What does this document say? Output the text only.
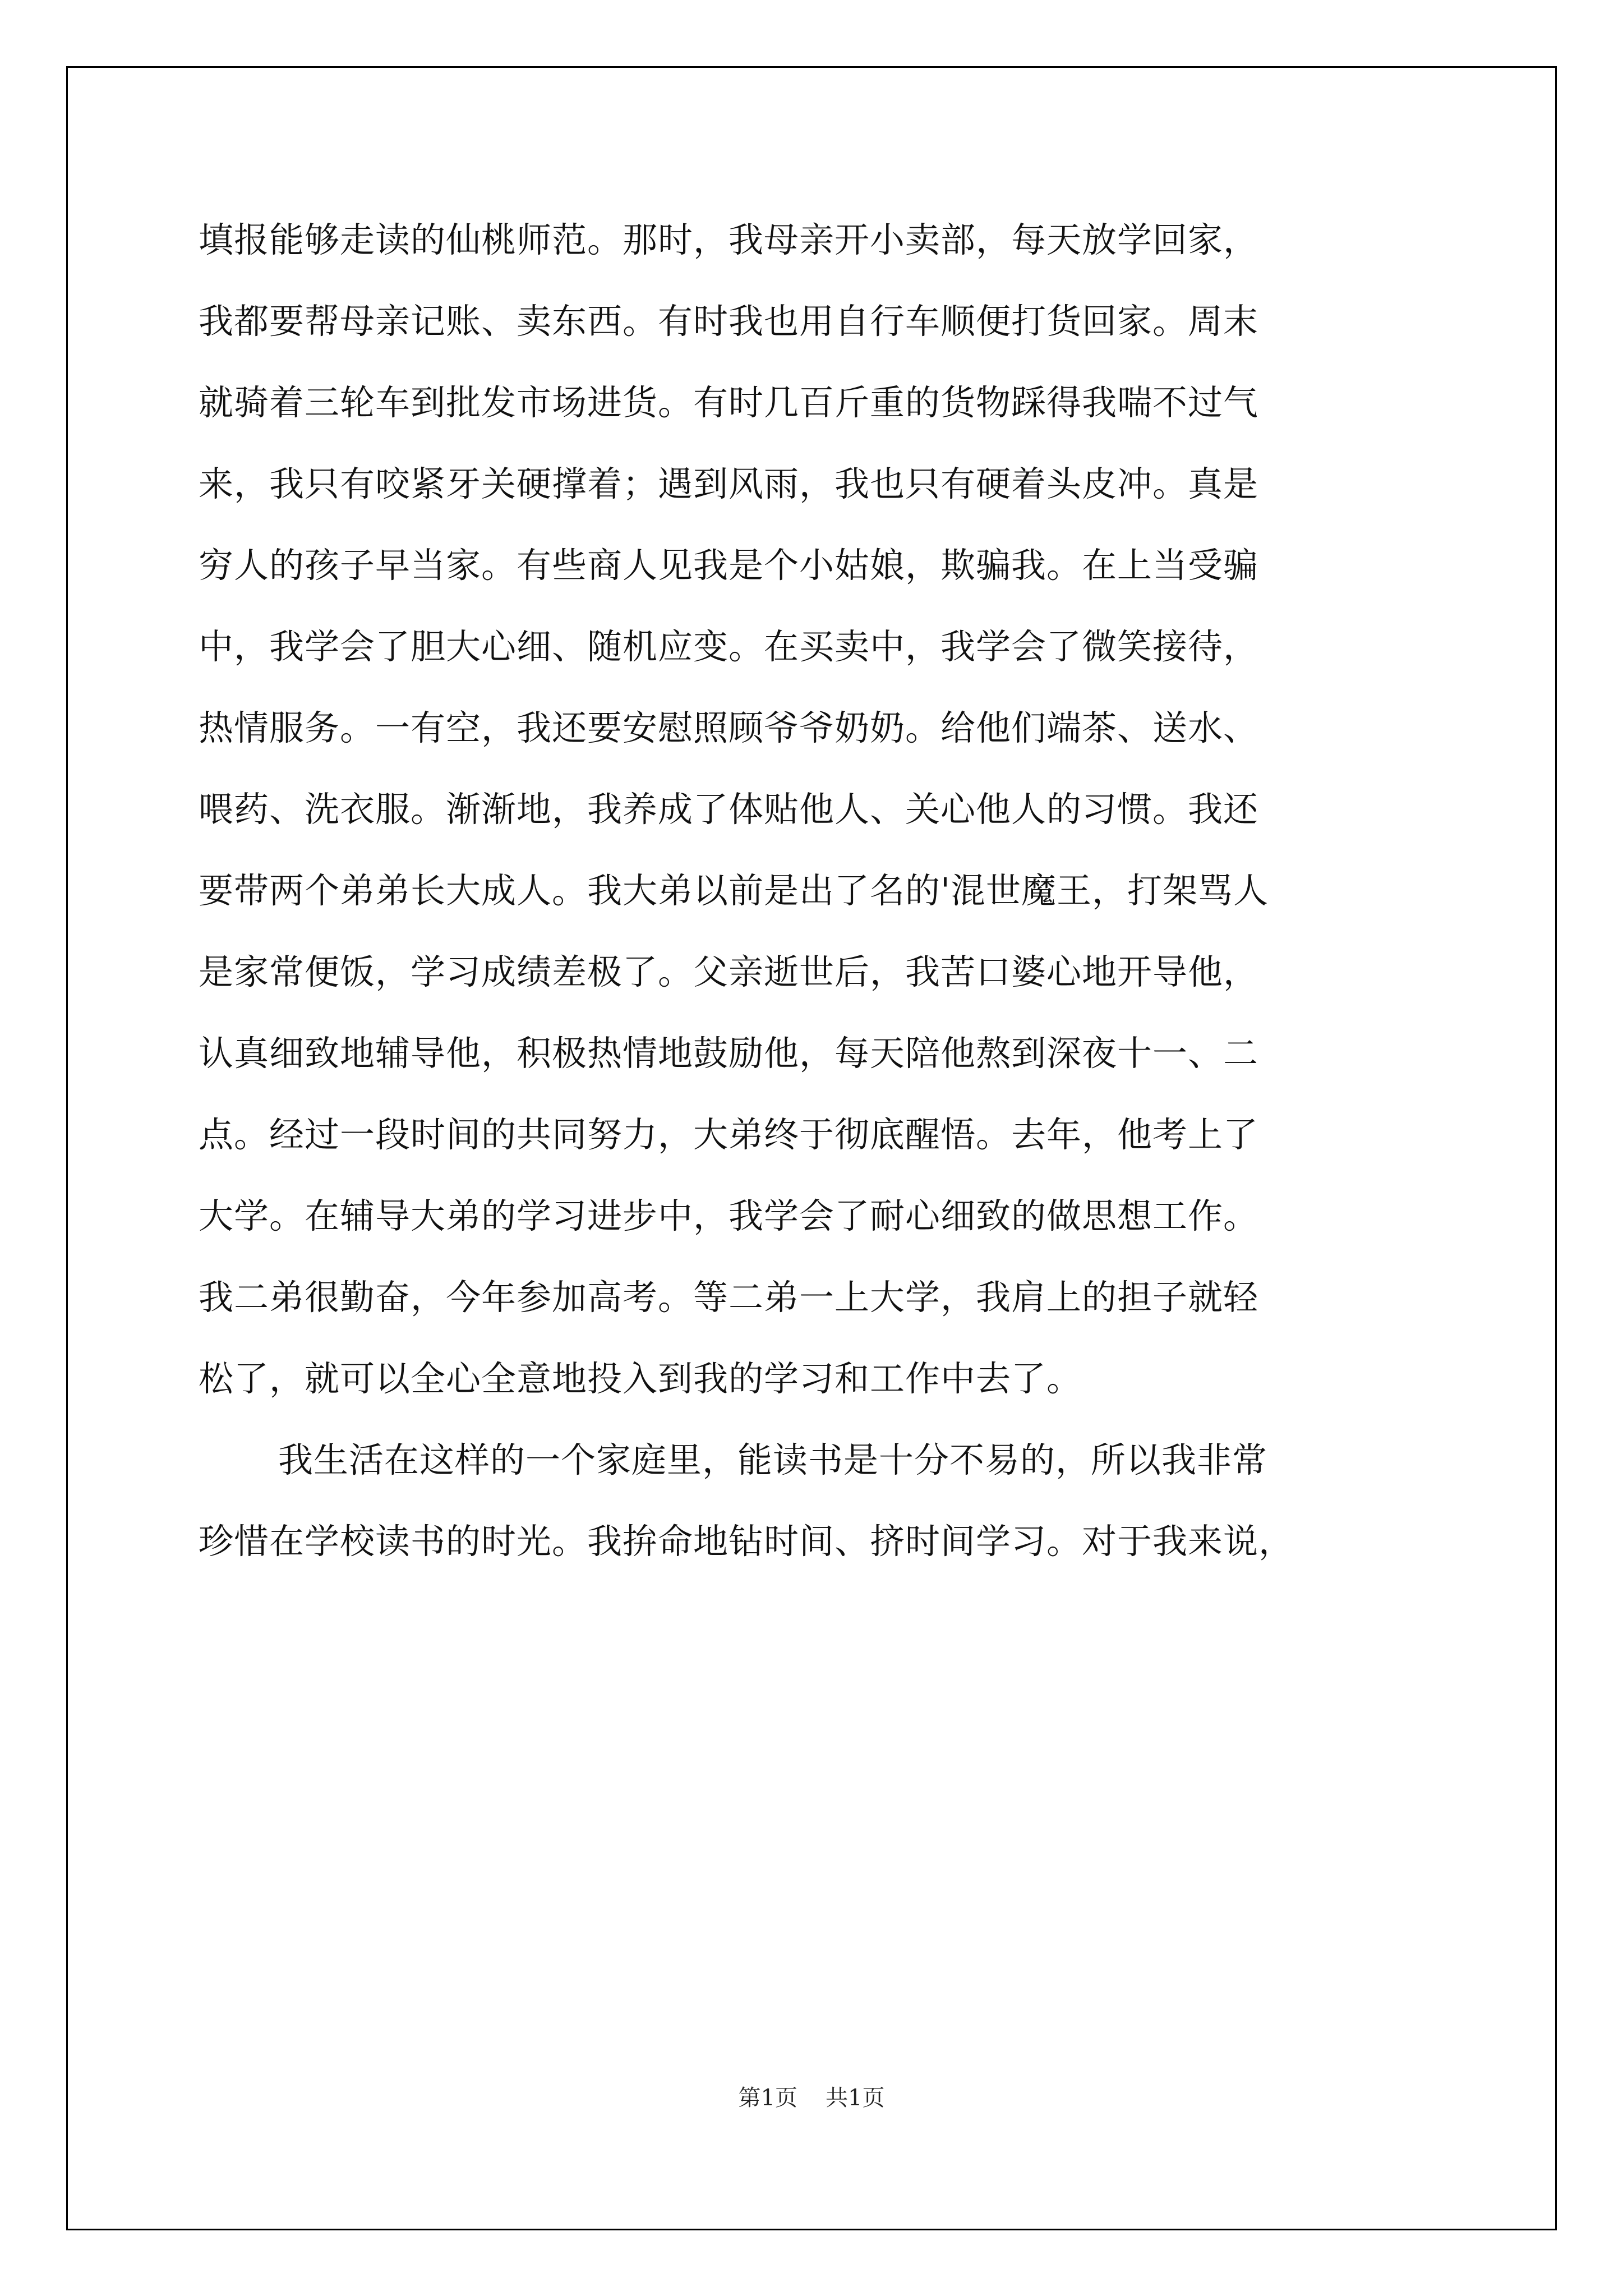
填报能够走读的仙桃师范。那时，我母亲开小卖部，每天放学回家，
我都要帮母亲记账、卖东西。有时我也用自行车顺便打货回家。周末
就骑着三轮车到批发市场进货。有时几百斤重的货物踩得我喘不过气
来，我只有咬紧牙关硬撑着；遇到风雨，我也只有硬着头皮冲。真是
穷人的孩子早当家。有些商人见我是个小姑娘，欺骗我。在上当受骗
中，我学会了胆大心细、随机应变。在买卖中，我学会了微笑接待，
热情服务。一有空，我还要安慰照顾爷爷奶奶。给他们端茶、送水、
喂药、洗衣服。渐渐地，我养成了体贴他人、关心他人的习惯。我还
要带两个弟弟长大成人。我大弟以前是出了名的'混世魔王，打架骂人
是家常便饭，学习成绩差极了。父亲逝世后，我苦口婆心地开导他，
认真细致地辅导他，积极热情地鼓励他，每天陪他熬到深夜十一、二
点。经过一段时间的共同努力，大弟终于彻底醒悟。去年，他考上了
大学。在辅导大弟的学习进步中，我学会了耐心细致的做思想工作。
我二弟很勤奋，今年参加高考。等二弟一上大学，我肩上的担子就轻
松了，就可以全心全意地投入到我的学习和工作中去了。
我生活在这样的一个家庭里，能读书是十分不易的，所以我非常
珍惜在学校读书的时光。我拚命地钻时间、挤时间学习。对于我来说，
第1页 共1页
